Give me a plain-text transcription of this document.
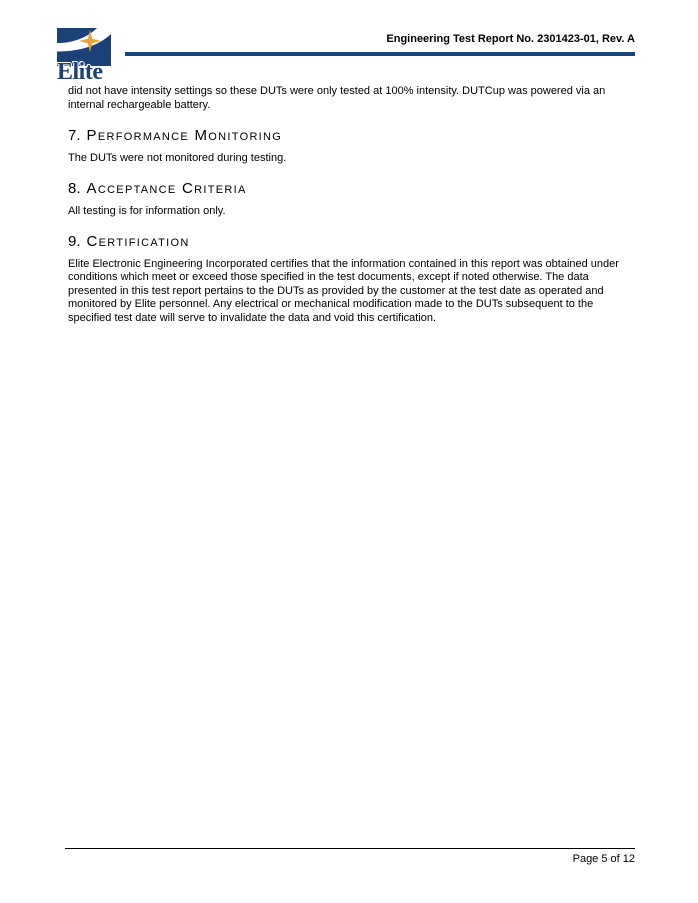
Elite
Engineering Test Report No. 2301423-01, Rev. A

did not have intensity settings so these DUTs were only tested at 100% intensity. DUTCup was powered via an internal rechargeable battery.

7. Performance Monitoring

The DUTs were not monitored during testing.

8. Acceptance Criteria

All testing is for information only.

9. Certification

Elite Electronic Engineering Incorporated certifies that the information contained in this report was obtained under conditions which meet or exceed those specified in the test documents, except if noted otherwise. The data presented in this test report pertains to the DUTs as provided by the customer at the test date as operated and monitored by Elite personnel. Any electrical or mechanical modification made to the DUTs subsequent to the specified test date will serve to invalidate the data and void this certification.

Page 5 of 12
